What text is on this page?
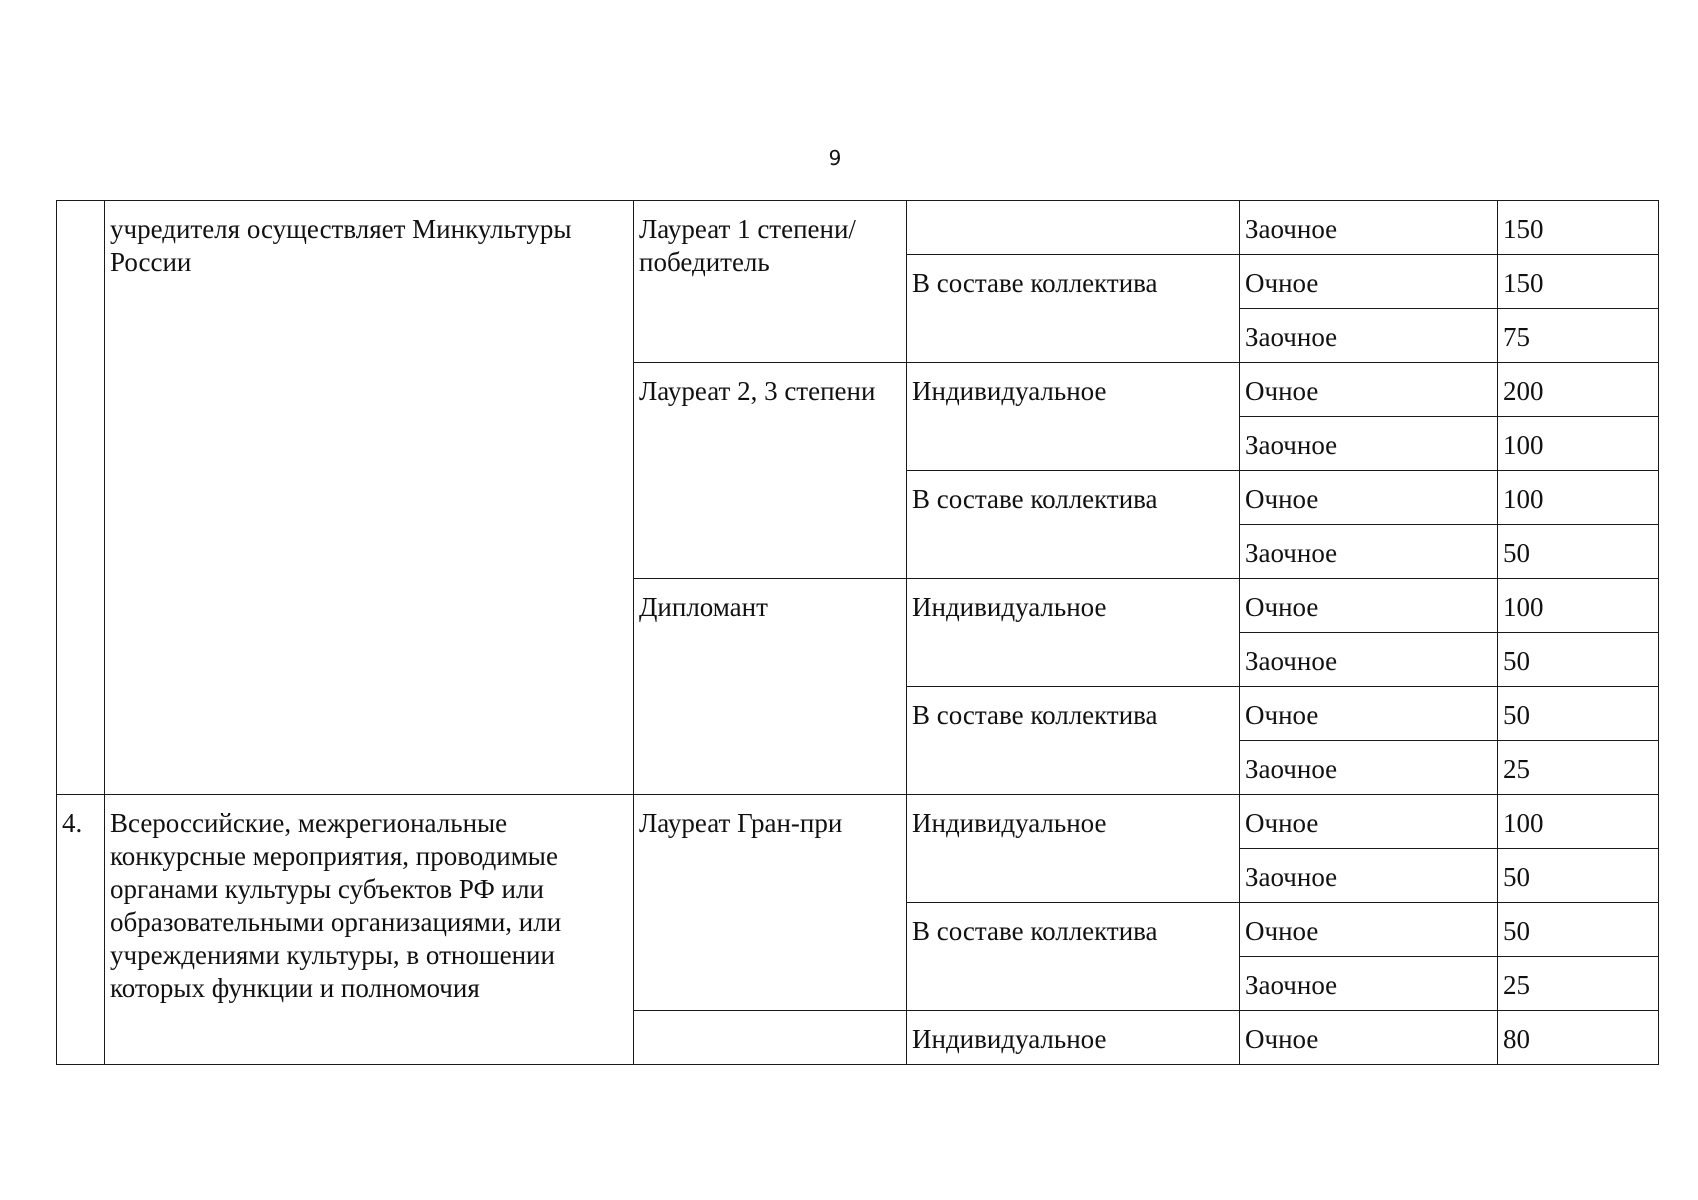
9
	учредителя осуществляет Минкультуры России	Лауреат 1 степени/победитель		Заочное	150
			В составе коллектива	Очное	150
				Заочное	75
		Лауреат 2, 3 степени	Индивидуальное	Очное	200
				Заочное	100
			В составе коллектива	Очное	100
				Заочное	50
		Дипломант	Индивидуальное	Очное	100
				Заочное	50
			В составе коллектива	Очное	50
				Заочное	25
4.	Всероссийские, межрегиональные конкурсные мероприятия, проводимые органами культуры субъектов РФ или образовательными организациями, или учреждениями культуры, в отношении которых функции и полномочия	Лауреат Гран-при	Индивидуальное	Очное	100
				Заочное	50
			В составе коллектива	Очное	50
				Заочное	25
			Индивидуальное	Очное	80
